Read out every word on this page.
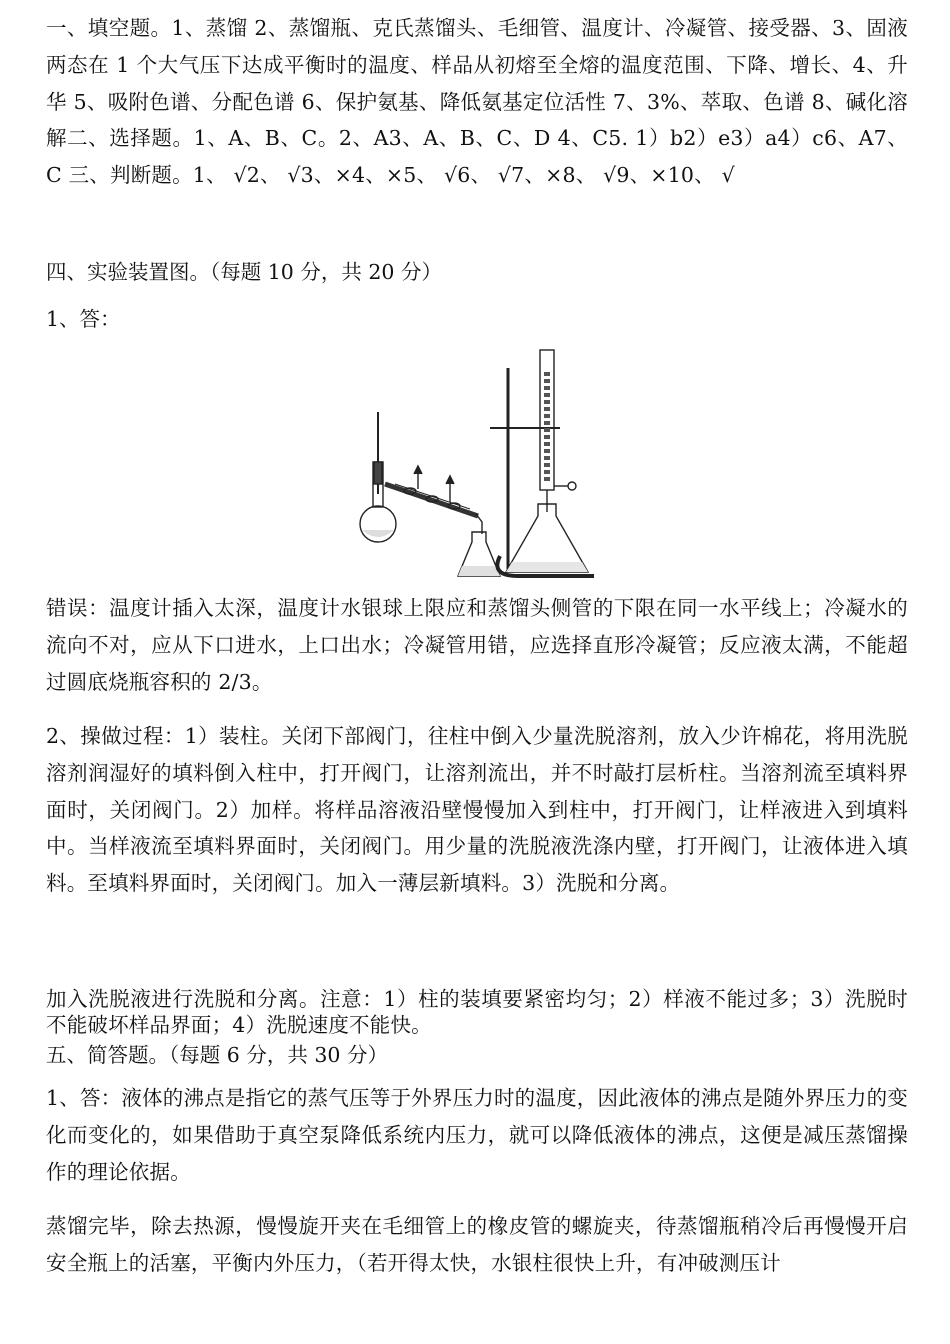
一、填空题。1、蒸馏 2、蒸馏瓶、克氏蒸馏头、毛细管、温度计、冷凝管、接受器、3、固液两态在 1 个大气压下达成平衡时的温度、样品从初熔至全熔的温度范围、下降、增长、4、升华 5、吸附色谱、分配色谱 6、保护氨基、降低氨基定位活性 7、3%、萃取、色谱 8、碱化溶解二、选择题。1、A、B、C。2、A3、A、B、C、D 4、C5. 1）b2）e3）a4）c6、A7、C 三、判断题。1、 √2、 √3、×4、×5、 √6、 √7、×8、 √9、×10、 √

四、实验装置图。（每题 10 分，共 20 分）

1、答：

错误：温度计插入太深，温度计水银球上限应和蒸馏头侧管的下限在同一水平线上；冷凝水的流向不对，应从下口进水，上口出水；冷凝管用错，应选择直形冷凝管；反应液太满，不能超过圆底烧瓶容积的 2/3。

2、操做过程：1）装柱。关闭下部阀门，往柱中倒入少量洗脱溶剂，放入少许棉花，将用洗脱溶剂润湿好的填料倒入柱中，打开阀门，让溶剂流出，并不时敲打层析柱。当溶剂流至填料界面时，关闭阀门。2）加样。将样品溶液沿壁慢慢加入到柱中，打开阀门，让样液进入到填料中。当样液流至填料界面时，关闭阀门。用少量的洗脱液洗涤内壁，打开阀门，让液体进入填料。至填料界面时，关闭阀门。加入一薄层新填料。3）洗脱和分离。

加入洗脱液进行洗脱和分离。注意：1）柱的装填要紧密均匀；2）样液不能过多；3）洗脱时不能破坏样品界面；4）洗脱速度不能快。

五、简答题。（每题 6 分，共 30 分）

1、答：液体的沸点是指它的蒸气压等于外界压力时的温度，因此液体的沸点是随外界压力的变化而变化的，如果借助于真空泵降低系统内压力，就可以降低液体的沸点，这便是减压蒸馏操作的理论依据。

蒸馏完毕，除去热源，慢慢旋开夹在毛细管上的橡皮管的螺旋夹，待蒸馏瓶稍冷后再慢慢开启安全瓶上的活塞，平衡内外压力，（若开得太快，水银柱很快上升，有冲破测压计
